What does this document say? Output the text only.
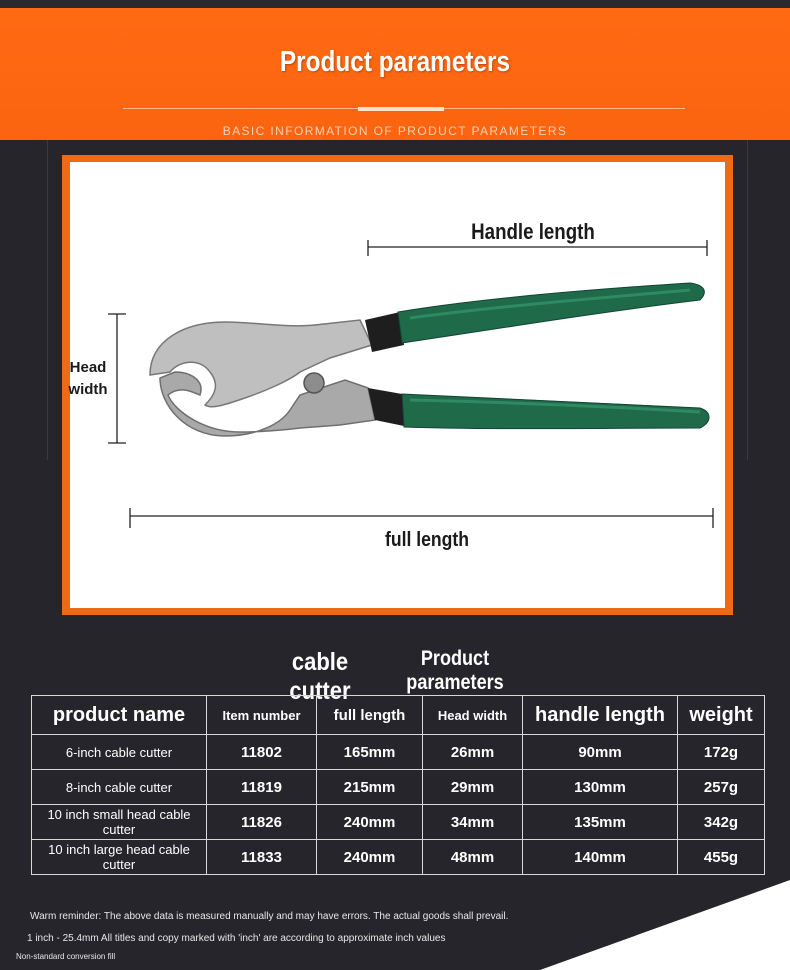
Product parameters
BASIC INFORMATION OF PRODUCT PARAMETERS
Handle length
full length
Head width
cable cutter
Product parameters
product name	Item number	full length	Head width	handle length	weight
6-inch cable cutter	11802	165mm	26mm	90mm	172g
8-inch cable cutter	11819	215mm	29mm	130mm	257g
10 inch small head cable cutter	11826	240mm	34mm	135mm	342g
10 inch large head cable cutter	11833	240mm	48mm	140mm	455g
Warm reminder: The above data is measured manually and may have errors. The actual goods shall prevail.
1 inch - 25.4mm All titles and copy marked with 'inch' are according to approximate inch values
Non-standard conversion fill
